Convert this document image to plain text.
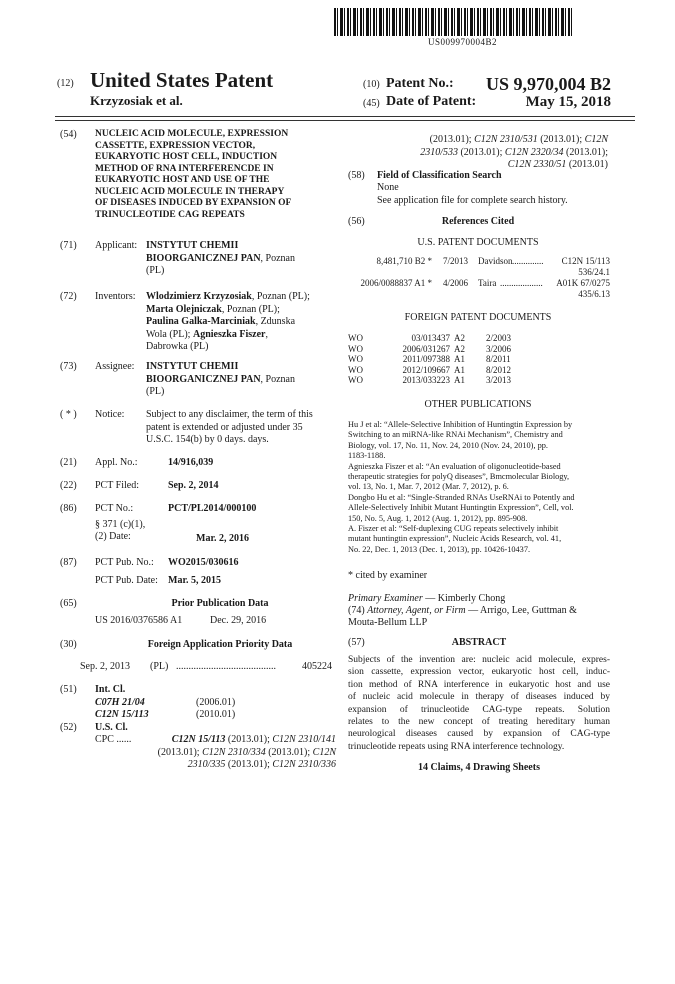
US009970004B2
(12) United States Patent
Krzyzosiak et al.
(10) Patent No.: US 9,970,004 B2
(45) Date of Patent:	May 15, 2018
(54) NUCLEIC ACID MOLECULE, EXPRESSION
CASSETTE, EXPRESSION VECTOR,
EUKARYOTIC HOST CELL, INDUCTION
METHOD OF RNA INTERFERENCDE IN
EUKARYOTIC HOST AND USE OF THE
NUCLEIC ACID MOLECULE IN THERAPY
OF DISEASES INDUCED BY EXPANSION OF
TRINUCLEOTIDE CAG REPEATS
(71) Applicant: INSTYTUT CHEMII
BIOORGANICZNEJ PAN, Poznan
(PL)
(72) Inventors: Wlodzimierz Krzyzosiak, Poznan (PL);
Marta Olejniczak, Poznan (PL);
Paulina Galka-Marciniak, Zdunska
Wola (PL); Agnieszka Fiszer,
Dabrowka (PL)
(73) Assignee: INSTYTUT CHEMII
BIOORGANICZNEJ PAN, Poznan
(PL)
( * ) Notice: Subject to any disclaimer, the term of this
patent is extended or adjusted under 35
U.S.C. 154(b) by 0 days. days.
(21) Appl. No.:	14/916,039
(22) PCT Filed:	Sep. 2, 2014
(86) PCT No.:	PCT/PL2014/000100
§ 371 (c)(1),
(2) Date:	Mar. 2, 2016
(87) PCT Pub. No.: WO2015/030616
PCT Pub. Date: Mar. 5, 2015
(65)	Prior Publication Data
US 2016/0376586 A1	Dec. 29, 2016
(30)	Foreign Application Priority Data
Sep. 2, 2013 (PL) ........................................	405224
(51) Int. Cl.
C07H 21/04	(2006.01)
C12N 15/113	(2010.01)
(52) U.S. Cl.
CPC ......	C12N 15/113 (2013.01); C12N 2310/141
(2013.01); C12N 2310/334 (2013.01); C12N
2310/335 (2013.01); C12N 2310/336
(2013.01); C12N 2310/531 (2013.01); C12N
2310/533 (2013.01); C12N 2320/34 (2013.01);
C12N 2330/51 (2013.01)
(58) Field of Classification Search
None
See application file for complete search history.
(56)	References Cited
U.S. PATENT DOCUMENTS
8,481,710 B2 * 7/2013 Davidson .............. C12N 15/113
536/24.1
2006/0088837 A1 * 4/2006 Taira ................... A01K 67/0275
435/6.13
FOREIGN PATENT DOCUMENTS
WO	03/013437 A2 2/2003
WO	2006/031267 A2 3/2006
WO	2011/097388 A1 8/2011
WO	2012/109667 A1 8/2012
WO	2013/033223 A1 3/2013
OTHER PUBLICATIONS
Hu J et al: “Allele-Selective Inhibition of Huntingtin Expression by
Switching to an miRNA-like RNAi Mechanism”, Chemistry and
Biology, vol. 17, No. 11, Nov. 24, 2010 (Nov. 24, 2010), pp.
1183-1188.
Agnieszka Fiszer et al: “An evaluation of oligonucleotide-based
therapeutic strategies for polyQ diseases”, Bmcmolecular Biology,
vol. 13, No. 1, Mar. 7, 2012 (Mar. 7, 2012), p. 6.
Dongbo Hu et al: “Single-Stranded RNAs UseRNAi to Potently and
Allele-Selectively Inhibit Mutant Huntingtin Expression”, Cell, vol.
150, No. 5, Aug. 1, 2012 (Aug. 1, 2012), pp. 895-908.
A. Fiszer et al: “Self-duplexing CUG repeats selectively inhibit
mutant huntingtin expression”, Nucleic Acids Research, vol. 41,
No. 22, Dec. 1, 2013 (Dec. 1, 2013), pp. 10426-10437.
* cited by examiner
Primary Examiner — Kimberly Chong
(74) Attorney, Agent, or Firm — Arrigo, Lee, Guttman &
Mouta-Bellum LLP
(57)	ABSTRACT
Subjects of the invention are: nucleic acid molecule, expres-
sion cassette, expression vector, eukaryotic host cell, induc-
tion method of RNA interference in eukaryotic host and use
of nucleic acid molecule in therapy of diseases induced by
expansion of trinucleotide CAG-type repeats. Solution
relates to the new concept of treating hereditary human
neurological diseases caused by expansion of CAG-type
trinucleotide repeats using RNA interference technology.
14 Claims, 4 Drawing Sheets
